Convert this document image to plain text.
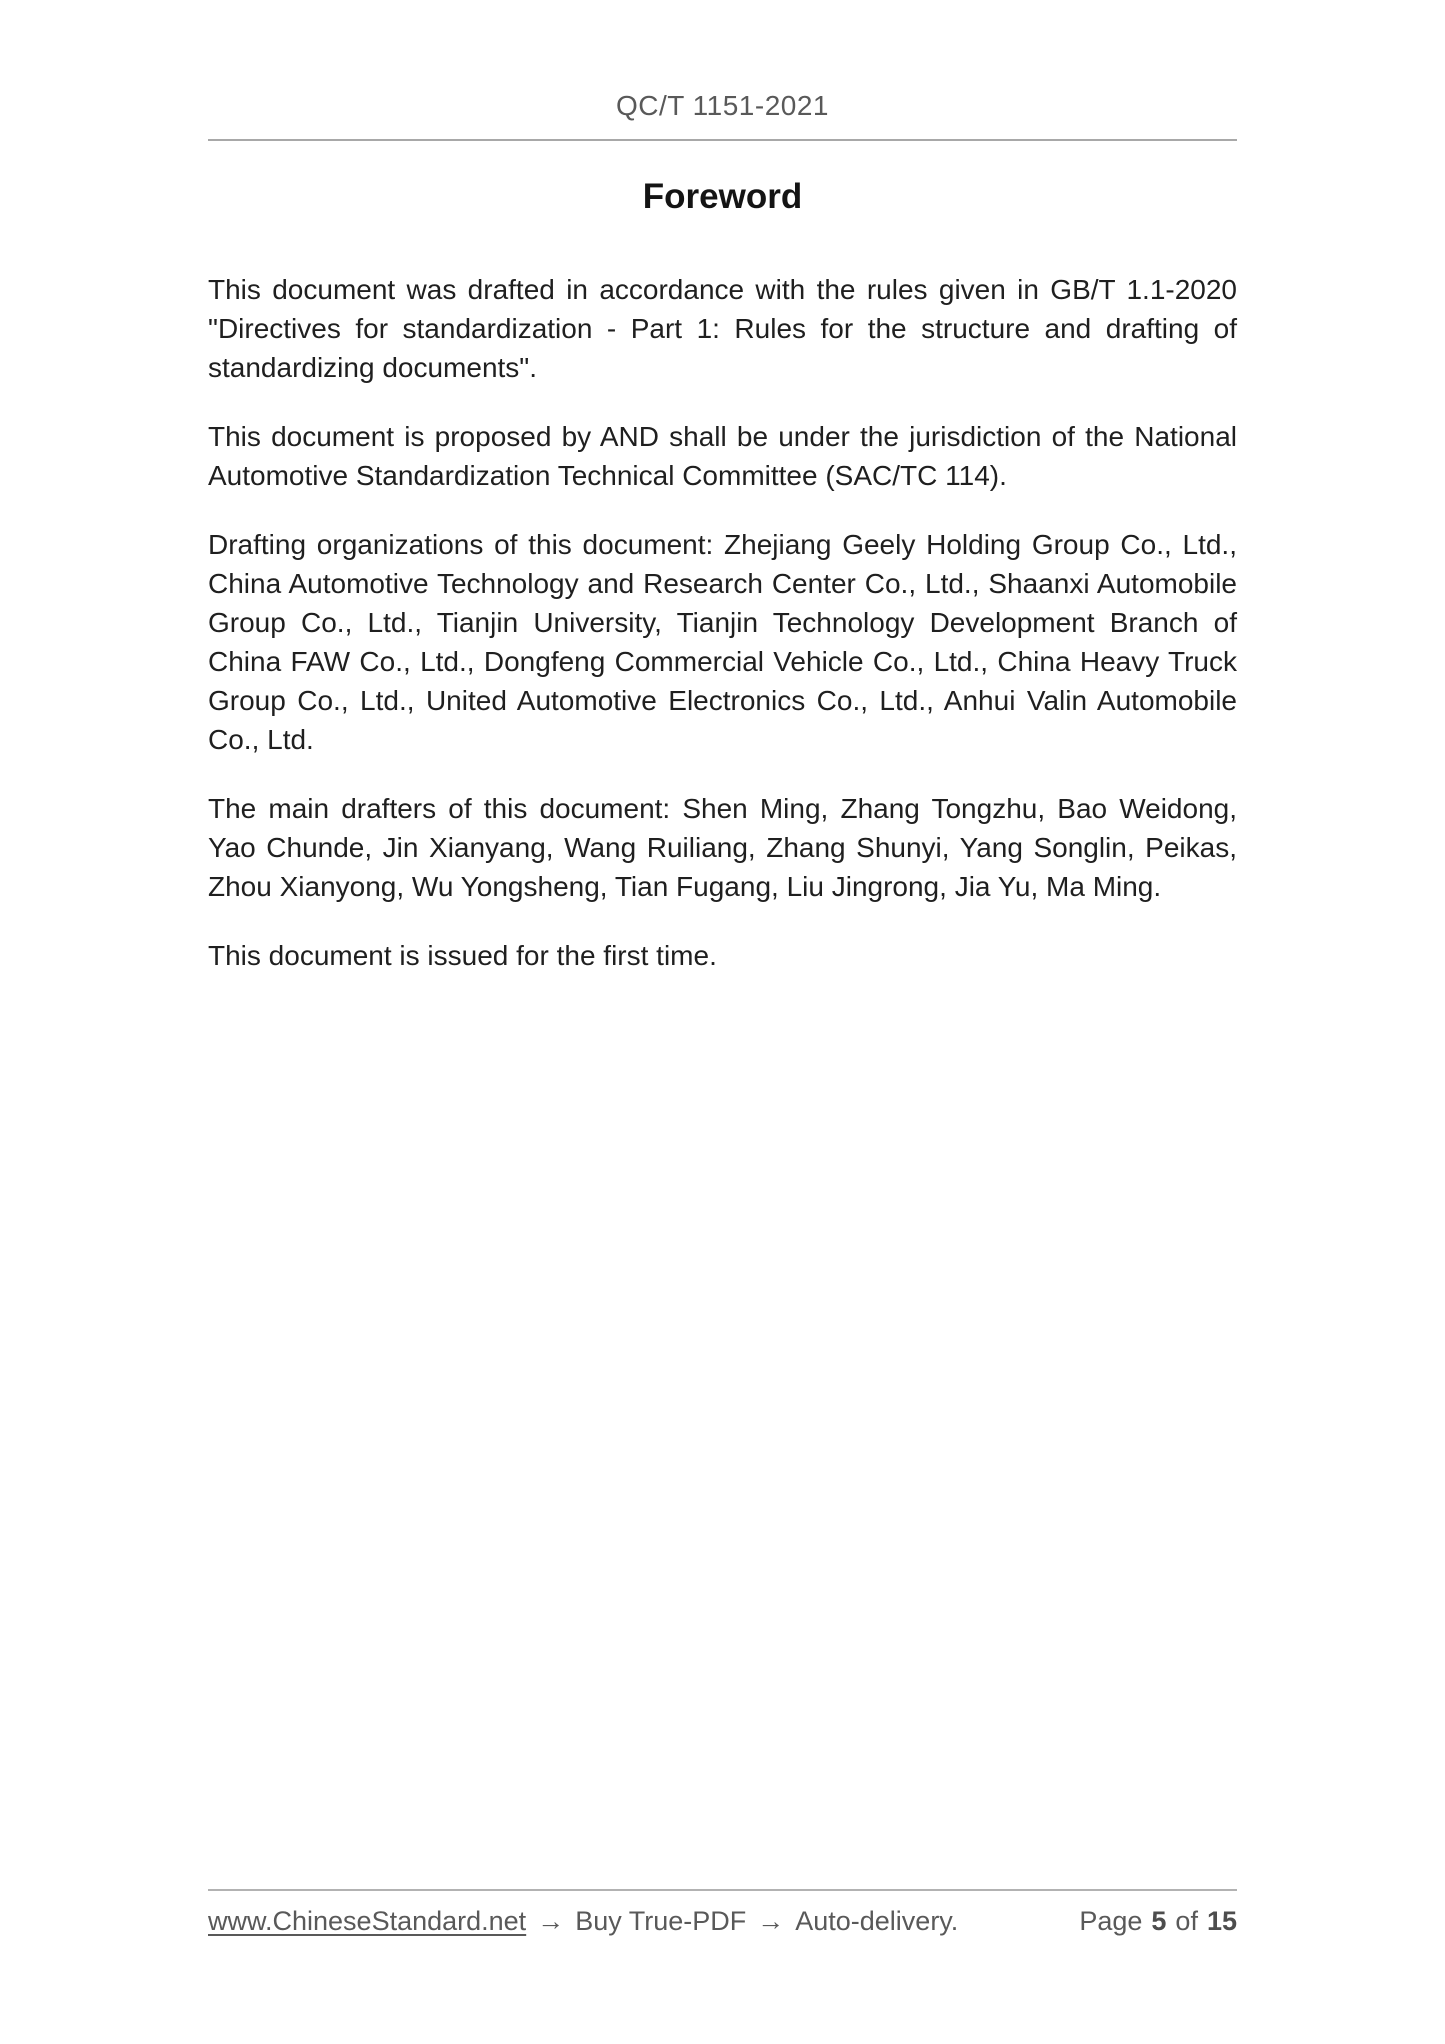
QC/T 1151-2021
Foreword

This document was drafted in accordance with the rules given in GB/T 1.1-2020 "Directives for standardization - Part 1: Rules for the structure and drafting of standardizing documents".

This document is proposed by AND shall be under the jurisdiction of the National Automotive Standardization Technical Committee (SAC/TC 114).

Drafting organizations of this document: Zhejiang Geely Holding Group Co., Ltd., China Automotive Technology and Research Center Co., Ltd., Shaanxi Automobile Group Co., Ltd., Tianjin University, Tianjin Technology Development Branch of China FAW Co., Ltd., Dongfeng Commercial Vehicle Co., Ltd., China Heavy Truck Group Co., Ltd., United Automotive Electronics Co., Ltd., Anhui Valin Automobile Co., Ltd.

The main drafters of this document: Shen Ming, Zhang Tongzhu, Bao Weidong, Yao Chunde, Jin Xianyang, Wang Ruiliang, Zhang Shunyi, Yang Songlin, Peikas, Zhou Xianyong, Wu Yongsheng, Tian Fugang, Liu Jingrong, Jia Yu, Ma Ming.

This document is issued for the first time.

www.ChineseStandard.net → Buy True-PDF → Auto-delivery.	Page 5 of 15
